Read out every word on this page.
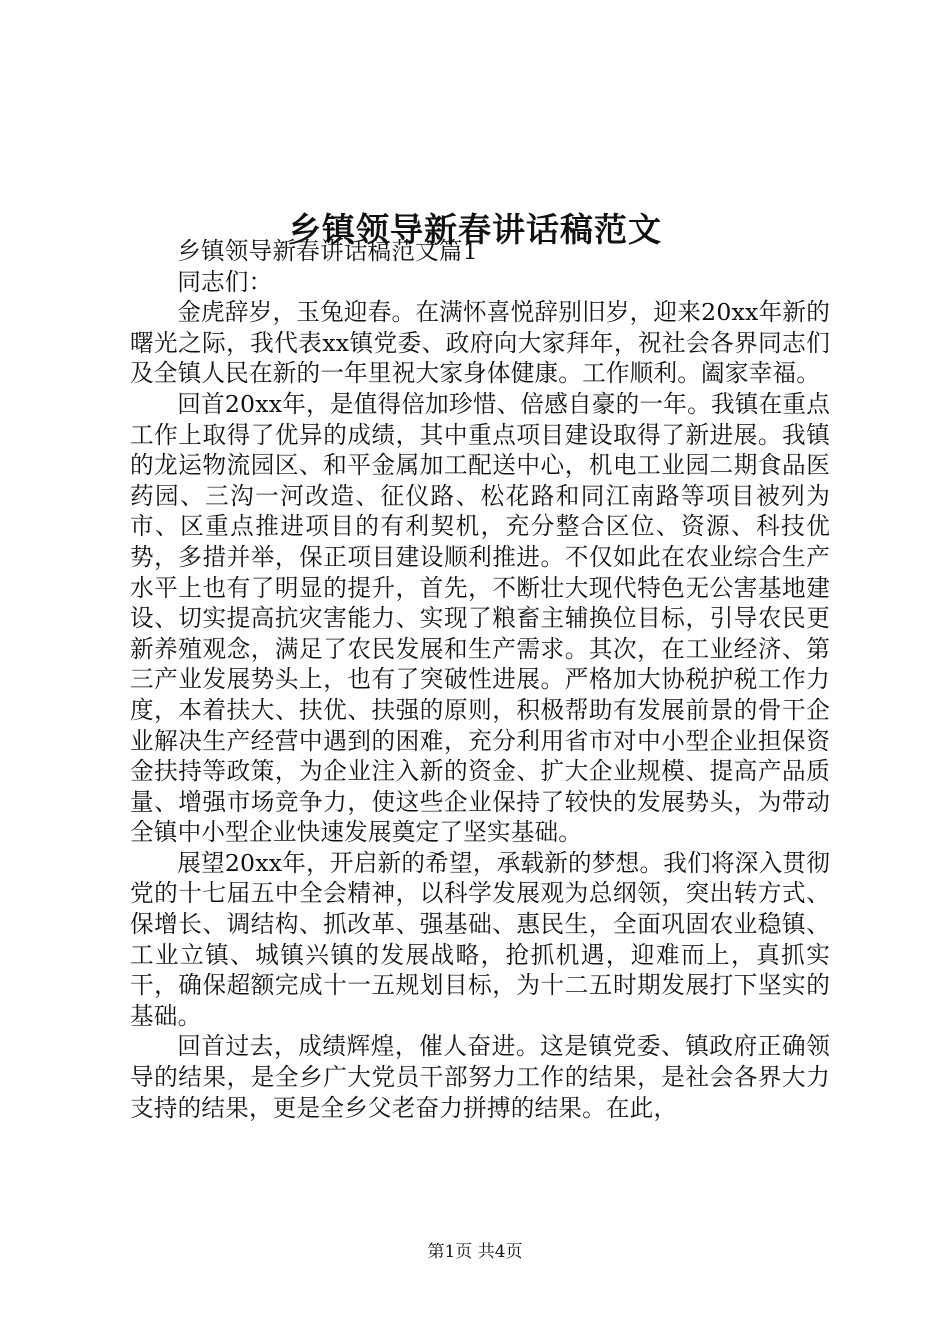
乡镇领导新春讲话稿范文

乡镇领导新春讲话稿范文篇1

同志们：

金虎辞岁，玉兔迎春。在满怀喜悦辞别旧岁，迎来20xx年新的曙光之际，我代表xx镇党委、政府向大家拜年，祝社会各界同志们及全镇人民在新的一年里祝大家身体健康。工作顺利。阖家幸福。

回首20xx年，是值得倍加珍惜、倍感自豪的一年。我镇在重点工作上取得了优异的成绩，其中重点项目建设取得了新进展。我镇的龙运物流园区、和平金属加工配送中心，机电工业园二期食品医药园、三沟一河改造、征仪路、松花路和同江南路等项目被列为市、区重点推进项目的有利契机，充分整合区位、资源、科技优势，多措并举，保正项目建设顺利推进。不仅如此在农业综合生产水平上也有了明显的提升，首先，不断壮大现代特色无公害基地建设、切实提高抗灾害能力、实现了粮畜主辅换位目标，引导农民更新养殖观念，满足了农民发展和生产需求。其次，在工业经济、第三产业发展势头上，也有了突破性进展。严格加大协税护税工作力度，本着扶大、扶优、扶强的原则，积极帮助有发展前景的骨干企业解决生产经营中遇到的困难，充分利用省市对中小型企业担保资金扶持等政策，为企业注入新的资金、扩大企业规模、提高产品质量、增强市场竞争力，使这些企业保持了较快的发展势头，为带动全镇中小型企业快速发展奠定了坚实基础。

展望20xx年，开启新的希望，承载新的梦想。我们将深入贯彻党的十七届五中全会精神，以科学发展观为总纲领，突出转方式、保增长、调结构、抓改革、强基础、惠民生，全面巩固农业稳镇、工业立镇、城镇兴镇的发展战略，抢抓机遇，迎难而上，真抓实干，确保超额完成十一五规划目标，为十二五时期发展打下坚实的基础。

回首过去，成绩辉煌，催人奋进。这是镇党委、镇政府正确领导的结果，是全乡广大党员干部努力工作的结果，是社会各界大力支持的结果，更是全乡父老奋力拼搏的结果。在此，

第1页 共4页
